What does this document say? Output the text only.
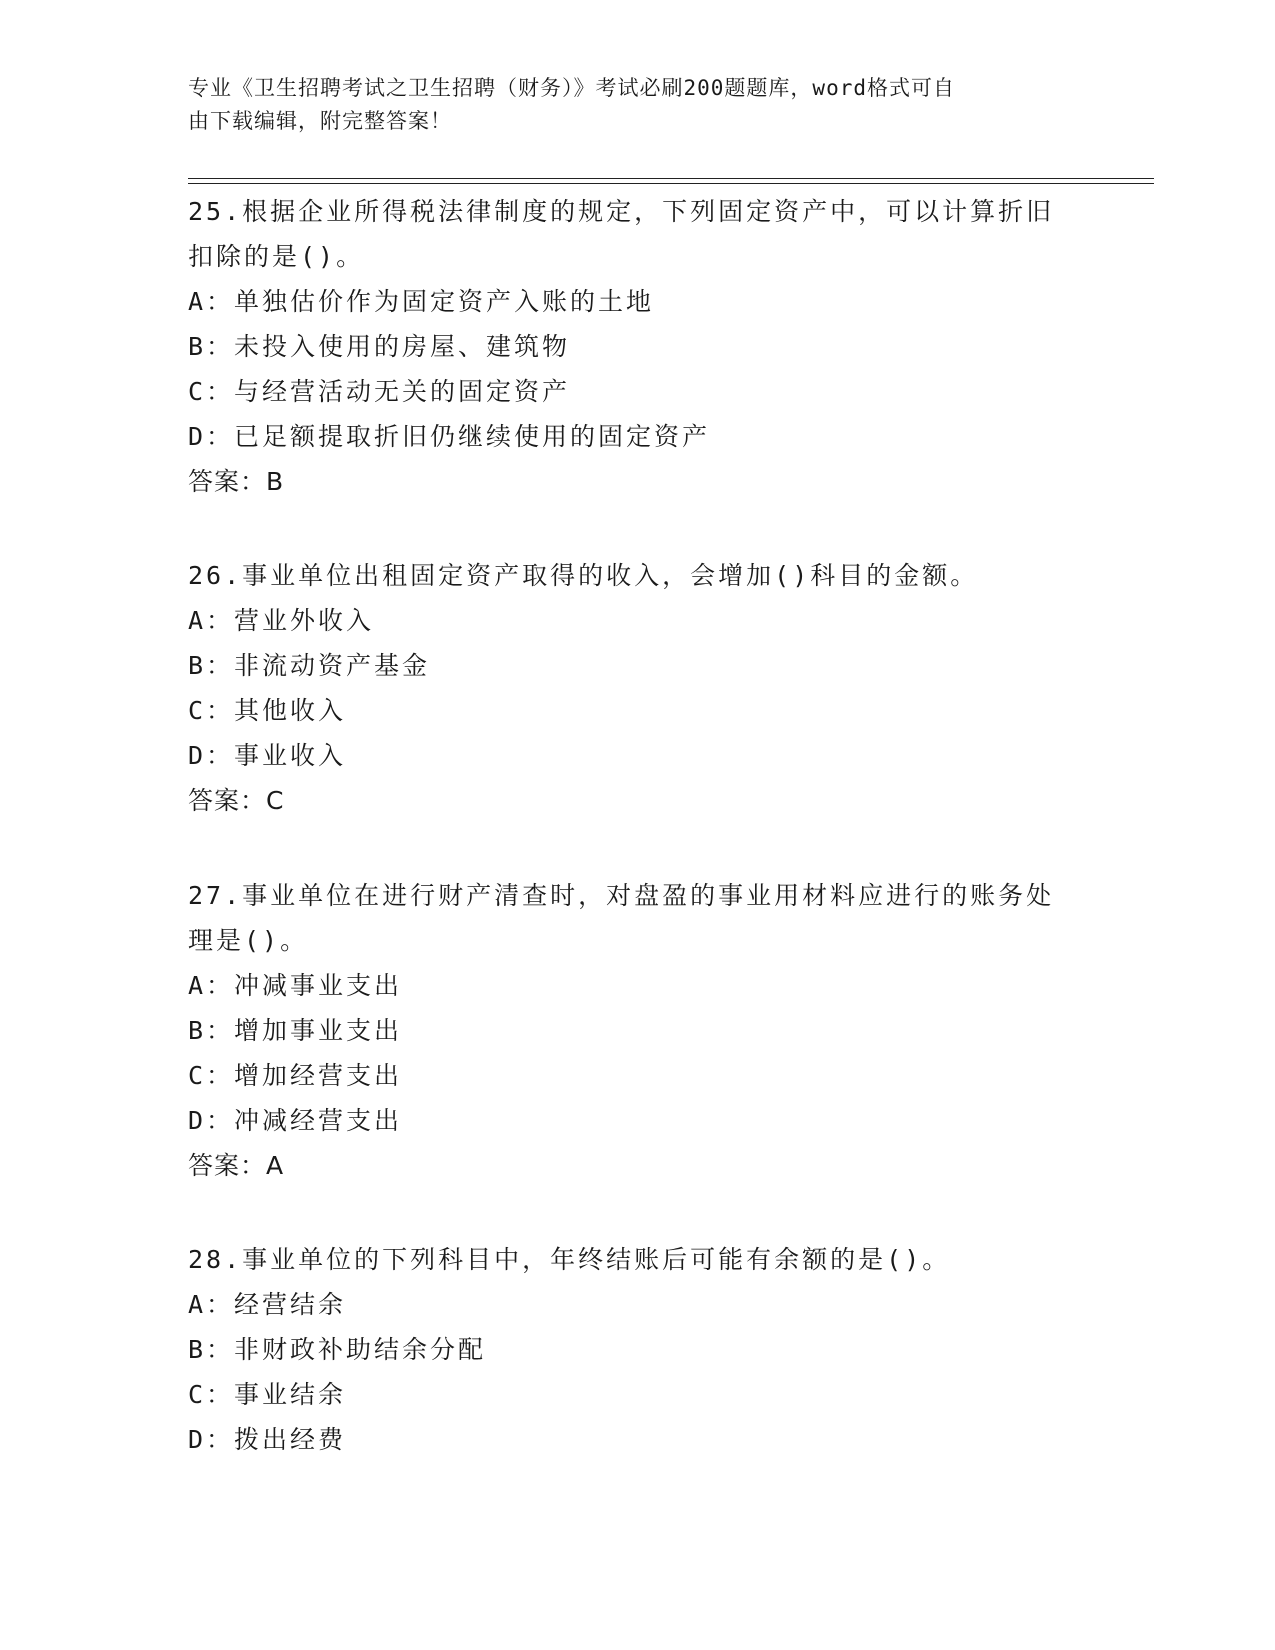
专业《卫生招聘考试之卫生招聘（财务）》考试必刷200题题库，word格式可自
由下载编辑，附完整答案！

25.根据企业所得税法律制度的规定，下列固定资产中，可以计算折旧

扣除的是()。

A：单独估价作为固定资产入账的土地

B：未投入使用的房屋、建筑物

C：与经营活动无关的固定资产

D：已足额提取折旧仍继续使用的固定资产

答案：B

26.事业单位出租固定资产取得的收入，会增加()科目的金额。

A：营业外收入

B：非流动资产基金

C：其他收入

D：事业收入

答案：C

27.事业单位在进行财产清查时，对盘盈的事业用材料应进行的账务处

理是()。

A：冲减事业支出

B：增加事业支出

C：增加经营支出

D：冲减经营支出

答案：A

28.事业单位的下列科目中，年终结账后可能有余额的是()。

A：经营结余

B：非财政补助结余分配

C：事业结余

D：拨出经费
